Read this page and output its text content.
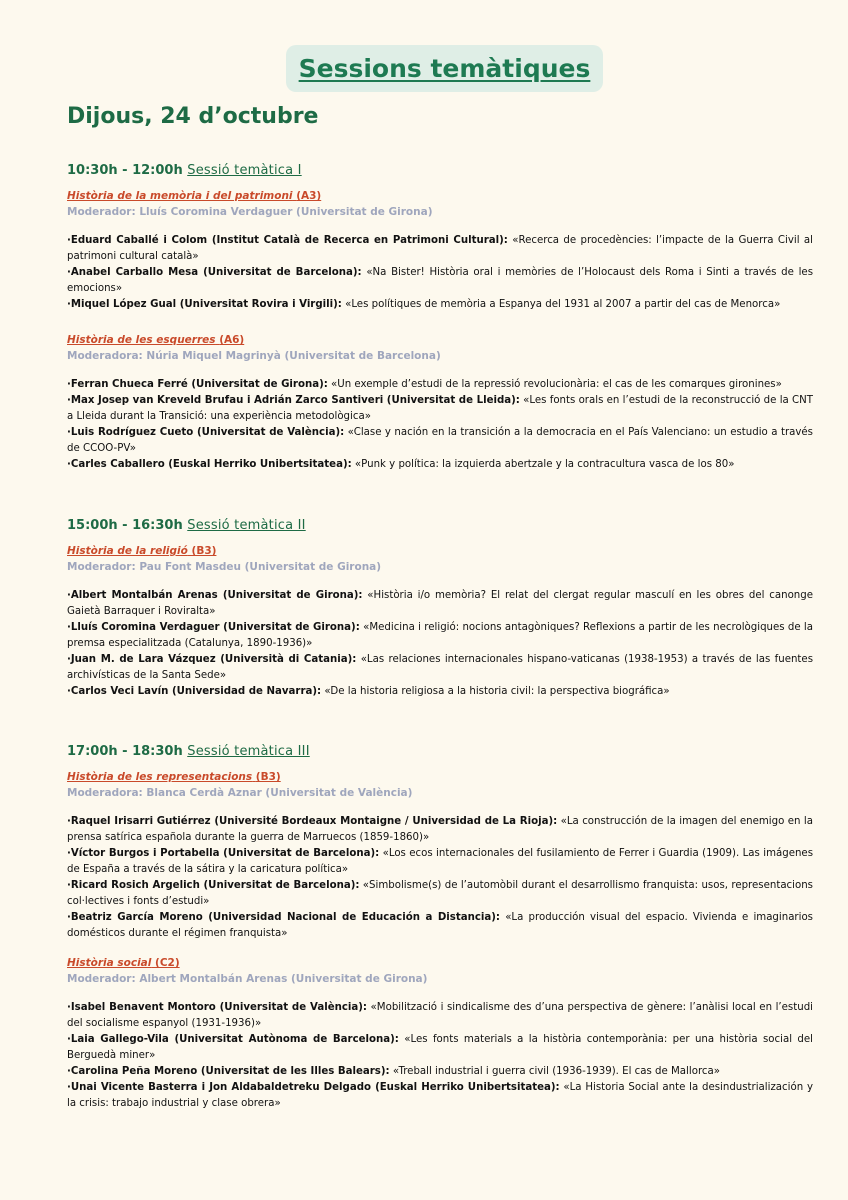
Sessions temàtiques
Dijous, 24 d’octubre

10:30h - 12:00h Sessió temàtica I

Història de la memòria i del patrimoni (A3)
Moderador: Lluís Coromina Verdaguer (Universitat de Girona)

·Eduard Caballé i Colom (Institut Català de Recerca en Patrimoni Cultural): «Recerca de procedències: l’impacte de la Guerra Civil al patrimoni cultural català»

·Anabel Carballo Mesa (Universitat de Barcelona): «Na Bister! Història oral i memòries de l’Holocaust dels Roma i Sinti a través de les emocions»

·Miquel López Gual (Universitat Rovira i Virgili): «Les polítiques de memòria a Espanya del 1931 al 2007 a partir del cas de Menorca»

Història de les esquerres (A6)
Moderadora: Núria Miquel Magrinyà (Universitat de Barcelona)

·Ferran Chueca Ferré (Universitat de Girona): «Un exemple d’estudi de la repressió revolucionària: el cas de les comarques gironines»

·Max Josep van Kreveld Brufau i Adrián Zarco Santiveri (Universitat de Lleida): «Les fonts orals en l’estudi de la reconstrucció de la CNT a Lleida durant la Transició: una experiència metodològica»

·Luis Rodríguez Cueto (Universitat de València): «Clase y nación en la transición a la democracia en el País Valenciano: un estudio a través de CCOO-PV»

·Carles Caballero (Euskal Herriko Unibertsitatea): «Punk y política: la izquierda abertzale y la contracultura vasca de los 80»

15:00h - 16:30h Sessió temàtica II

Història de la religió (B3)
Moderador: Pau Font Masdeu (Universitat de Girona)

·Albert Montalbán Arenas (Universitat de Girona): «Història i/o memòria? El relat del clergat regular masculí en les obres del canonge Gaietà Barraquer i Roviralta»

·Lluís Coromina Verdaguer (Universitat de Girona): «Medicina i religió: nocions antagòniques? Reflexions a partir de les necrològiques de la premsa especialitzada (Catalunya, 1890-1936)»

·Juan M. de Lara Vázquez (Università di Catania): «Las relaciones internacionales hispano-vaticanas (1938-1953) a través de las fuentes archivísticas de la Santa Sede»

·Carlos Veci Lavín (Universidad de Navarra): «De la historia religiosa a la historia civil: la perspectiva biográfica»

17:00h - 18:30h Sessió temàtica III

Història de les representacions (B3)
Moderadora: Blanca Cerdà Aznar (Universitat de València)

·Raquel Irisarri Gutiérrez (Université Bordeaux Montaigne / Universidad de La Rioja): «La construcción de la imagen del enemigo en la prensa satírica española durante la guerra de Marruecos (1859-1860)»

·Víctor Burgos i Portabella (Universitat de Barcelona): «Los ecos internacionales del fusilamiento de Ferrer i Guardia (1909). Las imágenes de España a través de la sátira y la caricatura política»

·Ricard Rosich Argelich (Universitat de Barcelona): «Simbolisme(s) de l’automòbil durant el desarrollismo franquista: usos, representacions col·lectives i fonts d’estudi»

·Beatriz García Moreno (Universidad Nacional de Educación a Distancia): «La producción visual del espacio. Vivienda e imaginarios domésticos durante el régimen franquista»

Història social (C2)
Moderador: Albert Montalbán Arenas (Universitat de Girona)

·Isabel Benavent Montoro (Universitat de València): «Mobilització i sindicalisme des d’una perspectiva de gènere: l’anàlisi local en l’estudi del socialisme espanyol (1931-1936)»

·Laia Gallego-Vila (Universitat Autònoma de Barcelona): «Les fonts materials a la història contemporània: per una història social del Berguedà miner»

·Carolina Peña Moreno (Universitat de les Illes Balears): «Treball industrial i guerra civil (1936-1939). El cas de Mallorca»

·Unai Vicente Basterra i Jon Aldabaldetreku Delgado (Euskal Herriko Unibertsitatea): «La Historia Social ante la desindustrialización y la crisis: trabajo industrial y clase obrera»
